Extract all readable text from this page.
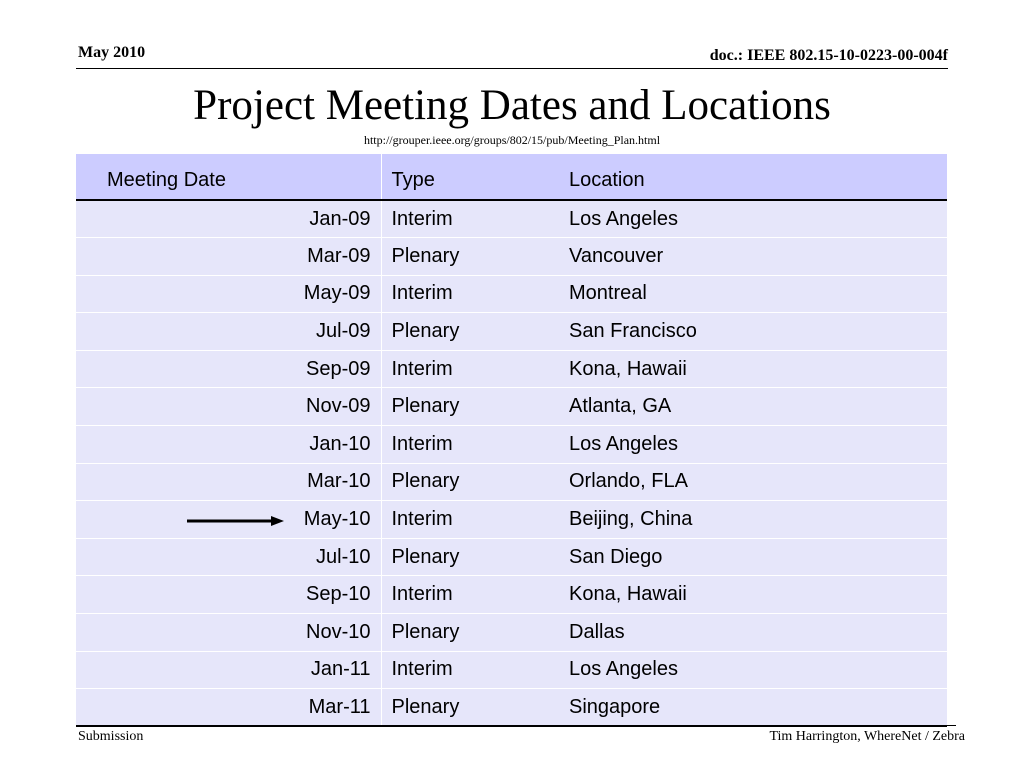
May 2010	doc.: IEEE 802.15-10-0223-00-004f
Project Meeting Dates and Locations
http://grouper.ieee.org/groups/802/15/pub/Meeting_Plan.html
Meeting Date	Type	Location
Jan-09	Interim	Los Angeles
Mar-09	Plenary	Vancouver
May-09	Interim	Montreal
Jul-09	Plenary	San Francisco
Sep-09	Interim	Kona, Hawaii
Nov-09	Plenary	Atlanta, GA
Jan-10	Interim	Los Angeles
Mar-10	Plenary	Orlando, FLA
May-10	Interim	Beijing, China
Jul-10	Plenary	San Diego
Sep-10	Interim	Kona, Hawaii
Nov-10	Plenary	Dallas
Jan-11	Interim	Los Angeles
Mar-11	Plenary	Singapore
Submission	Tim Harrington, WhereNet / Zebra
